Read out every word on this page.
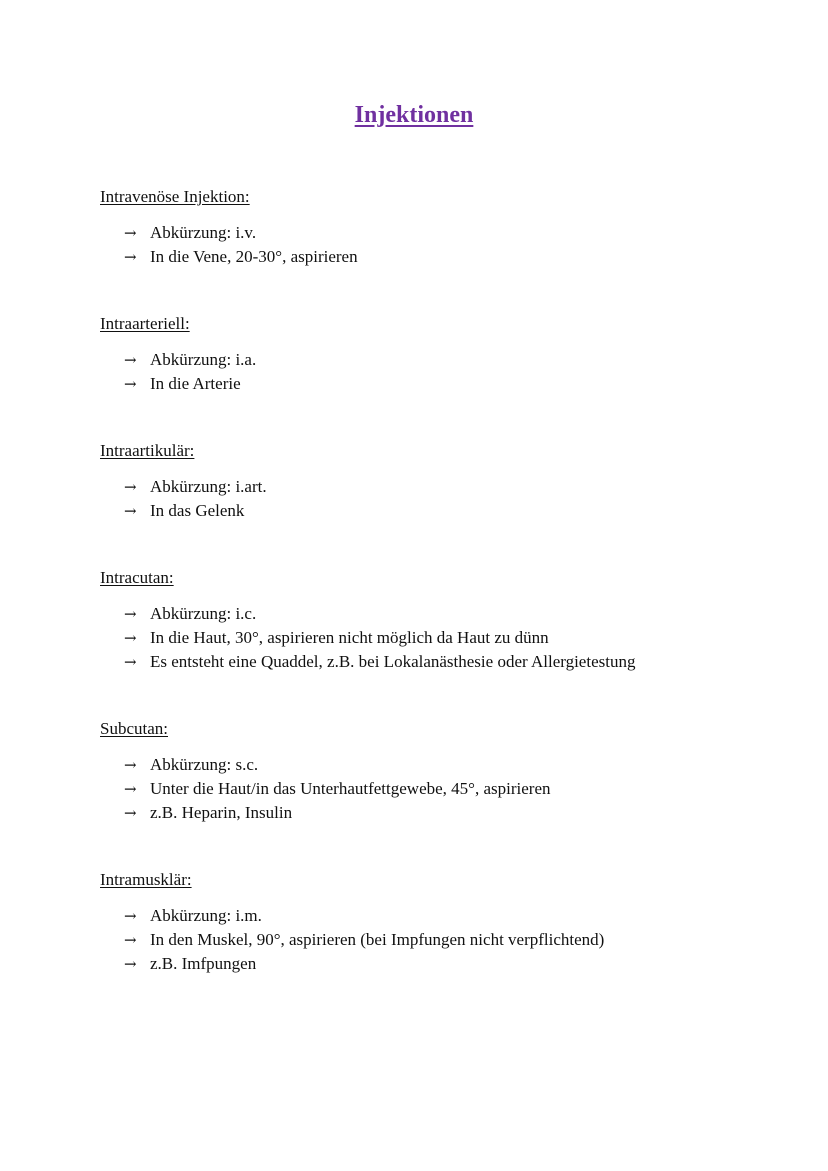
Injektionen
Intravenöse Injektion:
→ Abkürzung: i.v.
→ In die Vene, 20-30°, aspirieren
Intraarteriell:
→ Abkürzung: i.a.
→ In die Arterie
Intraartikulär:
→ Abkürzung: i.art.
→ In das Gelenk
Intracutan:
→ Abkürzung: i.c.
→ In die Haut, 30°, aspirieren nicht möglich da Haut zu dünn
→ Es entsteht eine Quaddel, z.B. bei Lokalanästhesie oder Allergietestung
Subcutan:
→ Abkürzung: s.c.
→ Unter die Haut/in das Unterhautfettgewebe, 45°, aspirieren
→ z.B. Heparin, Insulin
Intramusklär:
→ Abkürzung: i.m.
→ In den Muskel, 90°, aspirieren (bei Impfungen nicht verpflichtend)
→ z.B. Imfpungen
